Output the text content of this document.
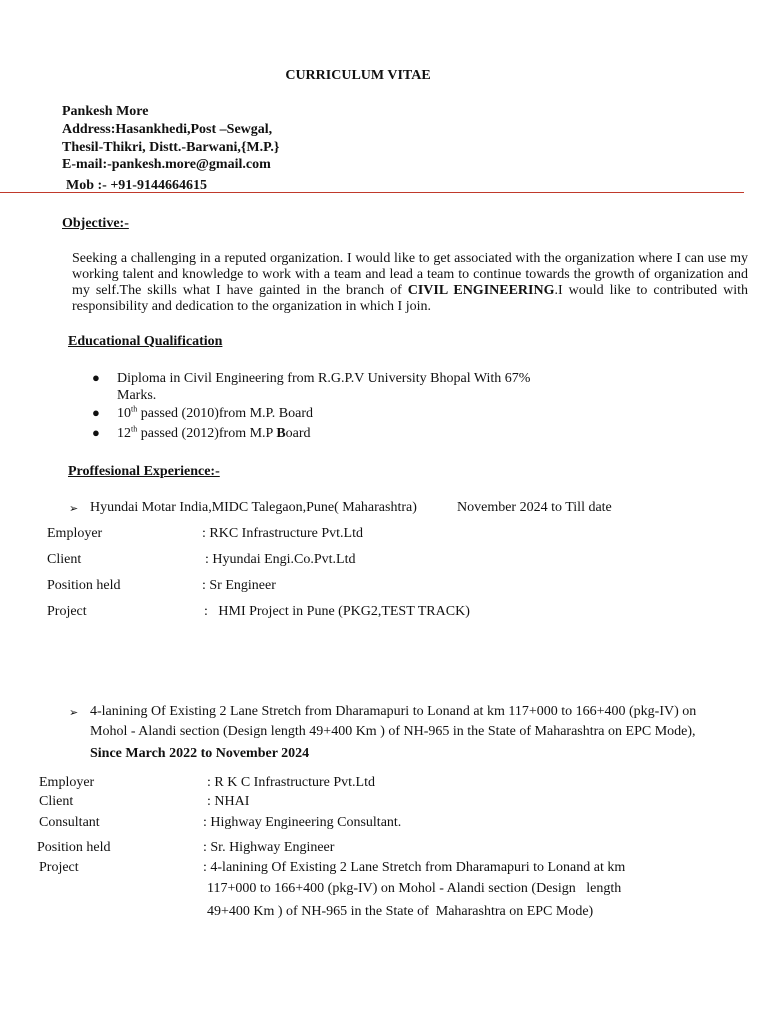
CURRICULUM VITAE
Pankesh More
Address:Hasankhedi,Post –Sewgal,
Thesil-Thikri, Distt.-Barwani,{M.P.}
E-mail:-pankesh.more@gmail.com
Mob :- +91-9144664615
Objective:-
Seeking a challenging in a reputed organization. I would like to get associated with the organization where I can use my working talent and knowledge to work with a team and lead a team to continue towards the growth of organization and my self.The skills what I have gainted in the branch of CIVIL ENGINEERING.I would like to contributed with responsibility and dedication to the organization in which I join.
Educational Qualification
● Diploma in Civil Engineering from R.G.P.V University Bhopal With 67%
Marks.
● 10th passed (2010)from M.P. Board
● 12th passed (2012)from M.P Board
Proffesional Experience:-
➢ Hyundai Motar India,MIDC Talegaon,Pune( Maharashtra)	November 2024 to Till date
Employer	: RKC Infrastructure Pvt.Ltd
Client	: Hyundai Engi.Co.Pvt.Ltd
Position held	: Sr Engineer
Project	:   HMI Project in Pune (PKG2,TEST TRACK)
➢ 4-lanining Of Existing 2 Lane Stretch from Dharamapuri to Lonand at km 117+000 to 166+400 (pkg-IV) on
Mohol - Alandi section (Design length 49+400 Km ) of NH-965 in the State of Maharashtra on EPC Mode),
Since March 2022 to November 2024
Employer	: R K C Infrastructure Pvt.Ltd
Client	: NHAI
Consultant	: Highway Engineering Consultant.
Position held	: Sr. Highway Engineer
Project	: 4-lanining Of Existing 2 Lane Stretch from Dharamapuri to Lonand at km
117+000 to 166+400 (pkg-IV) on Mohol - Alandi section (Design   length
49+400 Km ) of NH-965 in the State of  Maharashtra on EPC Mode)
